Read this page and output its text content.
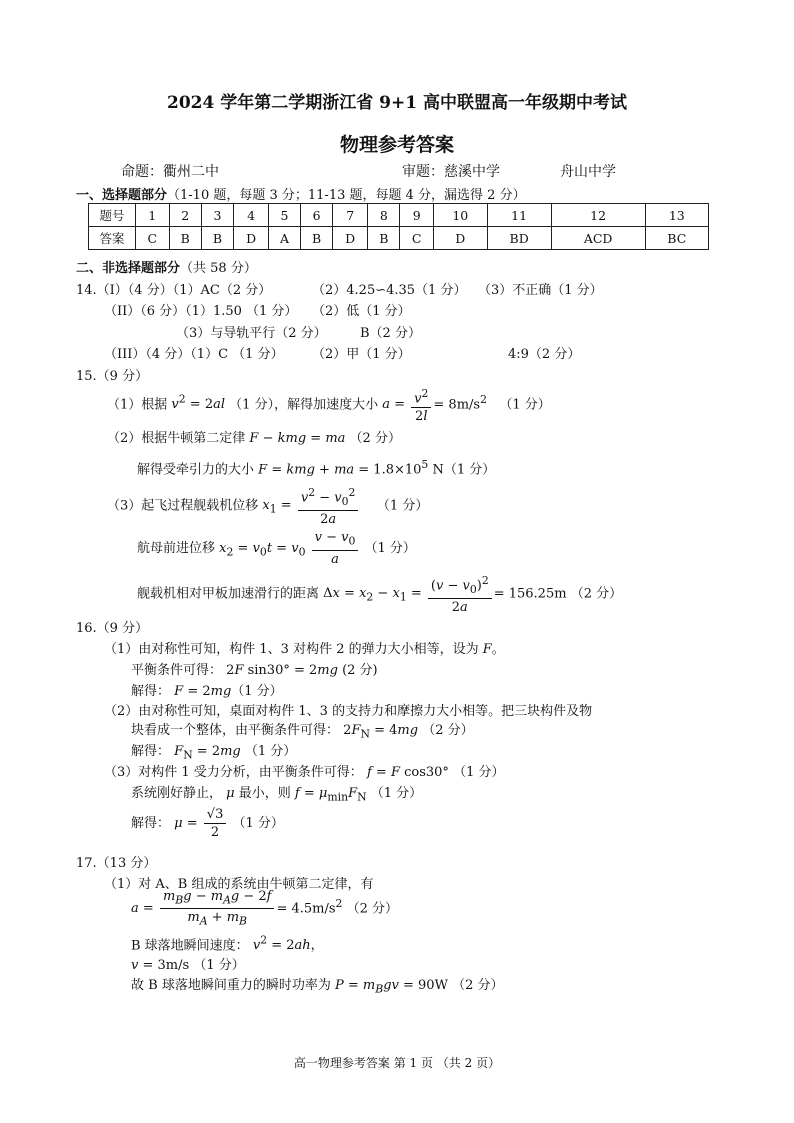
2024 学年第二学期浙江省 9+1 高中联盟高一年级期中考试
物理参考答案
命题：衢州二中	审题：慈溪中学	舟山中学
一、选择题部分（1-10 题，每题 3 分；11-13 题，每题 4 分，漏选得 2 分）
题号	1	2	3	4	5	6	7	8	9	10	11	12	13
答案	C	B	B	D	A	B	D	B	C	D	BD	ACD	BC
二、非选择题部分（共 58 分）
14.（I）（4 分）（1）AC（2 分）	（2）4.25∽4.35（1 分） （3）不正确（1 分）
（II）（6 分）（1）1.50 （1 分） （2）低（1 分）
（3）与导轨平行（2 分）	B（2 分）
（III）（4 分）（1）C （1 分） （2）甲（1 分）	4:9（2 分）
15.（9 分）
（1）根据 $v^2 = 2al$ （1 分），解得加速度大小 $a = \frac{v^2}{2l} = 8m/s^2$ （1 分）
（2）根据牛顿第二定律 F − kmg = ma （2 分）
解得受牵引力的大小 F = kmg + ma = $1.8\times 10^5$ N（1 分）
（3）起飞过程舰载机位移 $x_1 = \frac{v^2 - v_0^2}{2a} (1$ 分）
航母前进位移 $x_2 = v_0t = v_0 \frac{v - v_0}{a} (1$ 分）
舰载机相对甲板加速滑行的距离 $\Delta x = x_2 - x_1 = \frac{(v - v_0)^2}{2a} = 156.25m$ （2 分）
16.（9 分）
（1）由对称性可知，构件 1、3 对构件 2 的弹力大小相等，设为 F。
平衡条件可得： 2F sin30° = 2mg (2 分)
解得： F = 2mg（1 分）
（2）由对称性可知，桌面对构件 1、3 的支持力和摩擦力大小相等。把三块构件及物
块看成一个整体，由平衡条件可得： $2F_N = 4mg$ （2 分）
解得： $F_N = 2mg$ （1 分）
（3）对构件 1 受力分析，由平衡条件可得： f = F cos30° （1 分）
系统刚好静止， μ 最小，则 $f = \mu_{min}F_N$ （1 分）
解得： $\mu = \frac{√3}{2} (1$ 分）
17.（13 分）
（1）对 A、B 组成的系统由牛顿第二定律，有
$a = \frac{m_Bg - m_Ag - 2f}{m_A + m_B} = 4.5m/s^2$ （2 分）
B 球落地瞬间速度： $v^2 = 2ah$，
v = 3m/s （1 分）
故 B 球落地瞬间重力的瞬时功率为 $P = m_Bgv = 90W$ （2 分）
高一物理参考答案 第 1 页 （共 2 页）
